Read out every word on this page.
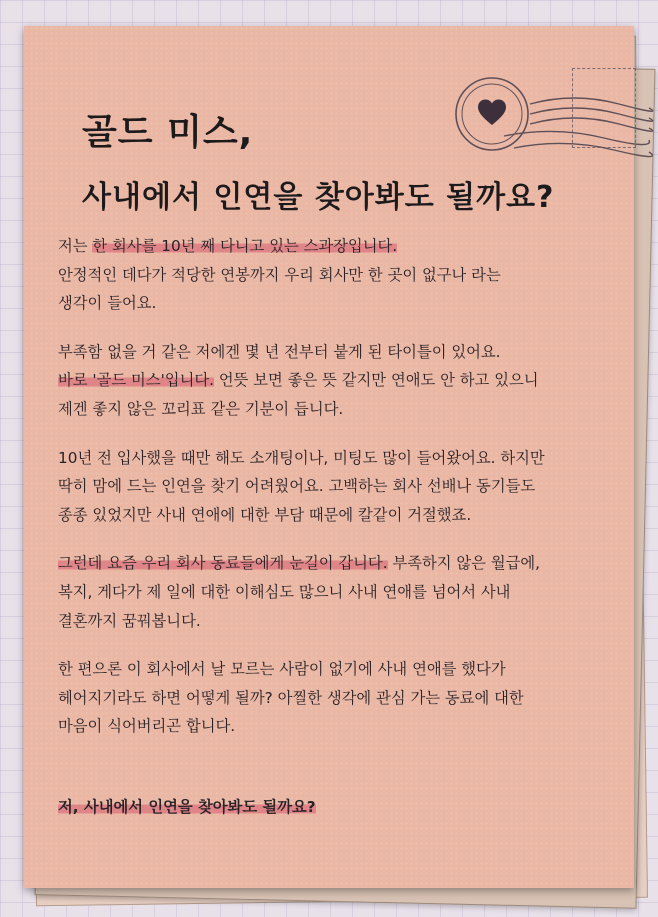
골드 미스,
사내에서 인연을 찾아봐도 될까요?

저는 한 회사를 10년 째 다니고 있는 스과장입니다.

안정적인 데다가 적당한 연봉까지 우리 회사만 한 곳이 없구나 라는

생각이 들어요.

부족함 없을 거 같은 저에겐 몇 년 전부터 붙게 된 타이틀이 있어요.

바로 '골드 미스'입니다. 언뜻 보면 좋은 뜻 같지만 연애도 안 하고 있으니

제겐 좋지 않은 꼬리표 같은 기분이 듭니다.

10년 전 입사했을 때만 해도 소개팅이나, 미팅도 많이 들어왔어요. 하지만

딱히 맘에 드는 인연을 찾기 어려웠어요. 고백하는 회사 선배나 동기들도

종종 있었지만 사내 연애에 대한 부담 때문에 칼같이 거절했죠.

그런데 요즘 우리 회사 동료들에게 눈길이 갑니다. 부족하지 않은 월급에,

복지, 게다가 제 일에 대한 이해심도 많으니 사내 연애를 넘어서 사내

결혼까지 꿈꿔봅니다.

한 편으론 이 회사에서 날 모르는 사람이 없기에 사내 연애를 했다가

헤어지기라도 하면 어떻게 될까? 아찔한 생각에 관심 가는 동료에 대한

마음이 식어버리곤 합니다.

저, 사내에서 인연을 찾아봐도 될까요?
